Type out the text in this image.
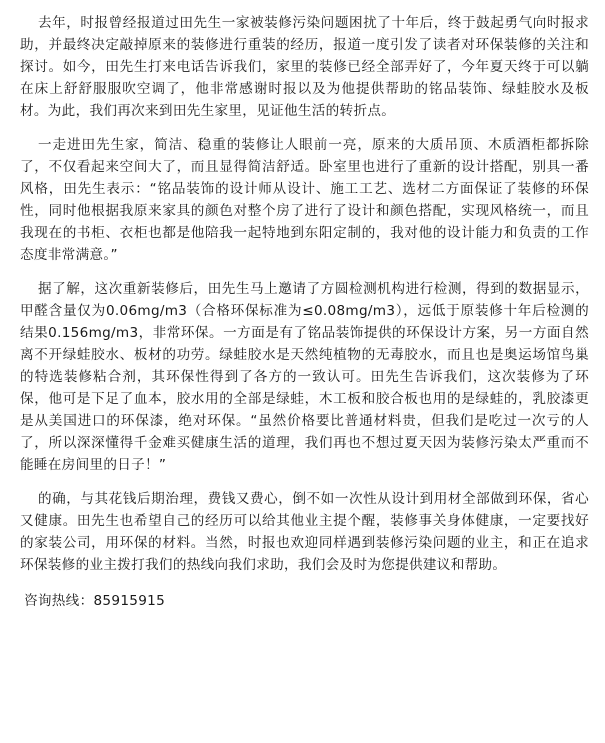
去年，时报曾经报道过田先生一家被装修污染问题困扰了十年后，终于鼓起勇气向时报求助，并最终决定敲掉原来的装修进行重装的经历，报道一度引发了读者对环保装修的关注和探讨。如今，田先生打来电话告诉我们，家里的装修已经全部弄好了，今年夏天终于可以躺在床上舒舒服服吹空调了，他非常感谢时报以及为他提供帮助的铭品装饰、绿蛙胶水及板材。为此，我们再次来到田先生家里，见证他生活的转折点。

一走进田先生家，简洁、稳重的装修让人眼前一亮，原来的大质吊顶、木质酒柜都拆除了，不仅看起来空间大了，而且显得简洁舒适。卧室里也进行了重新的设计搭配，别具一番风格，田先生表示：“铭品装饰的设计师从设计、施工工艺、选材二方面保证了装修的环保性，同时他根据我原来家具的颜色对整个房了进行了设计和颜色搭配，实现风格统一，而且我现在的书柜、衣柜也都是他陪我一起特地到东阳定制的，我对他的设计能力和负责的工作态度非常满意。”

据了解，这次重新装修后，田先生马上邀请了方圆检测机构进行检测，得到的数据显示，甲醛含量仅为0.06mg/m3（合格环保标准为≤0.08mg/m3），远低于原装修十年后检测的结果0.156mg/m3，非常环保。一方面是有了铭品装饰提供的环保设计方案，另一方面自然离不开绿蛙胶水、板材的功劳。绿蛙胶水是天然纯植物的无毒胶水，而且也是奥运场馆鸟巢的特选装修粘合剂，其环保性得到了各方的一致认可。田先生告诉我们，这次装修为了环保，他可是下足了血本，胶水用的全部是绿蛙，木工板和胶合板也用的是绿蛙的，乳胶漆更是从美国进口的环保漆，绝对环保。“虽然价格要比普通材料贵，但我们是吃过一次亏的人了，所以深深懂得千金难买健康生活的道理，我们再也不想过夏天因为装修污染太严重而不能睡在房间里的日子！”

的确，与其花钱后期治理，费钱又费心，倒不如一次性从设计到用材全部做到环保，省心又健康。田先生也希望自己的经历可以给其他业主提个醒，装修事关身体健康，一定要找好的家装公司，用环保的材料。当然，时报也欢迎同样遇到装修污染问题的业主，和正在追求环保装修的业主拨打我们的热线向我们求助，我们会及时为您提供建议和帮助。

咨询热线：85915915
